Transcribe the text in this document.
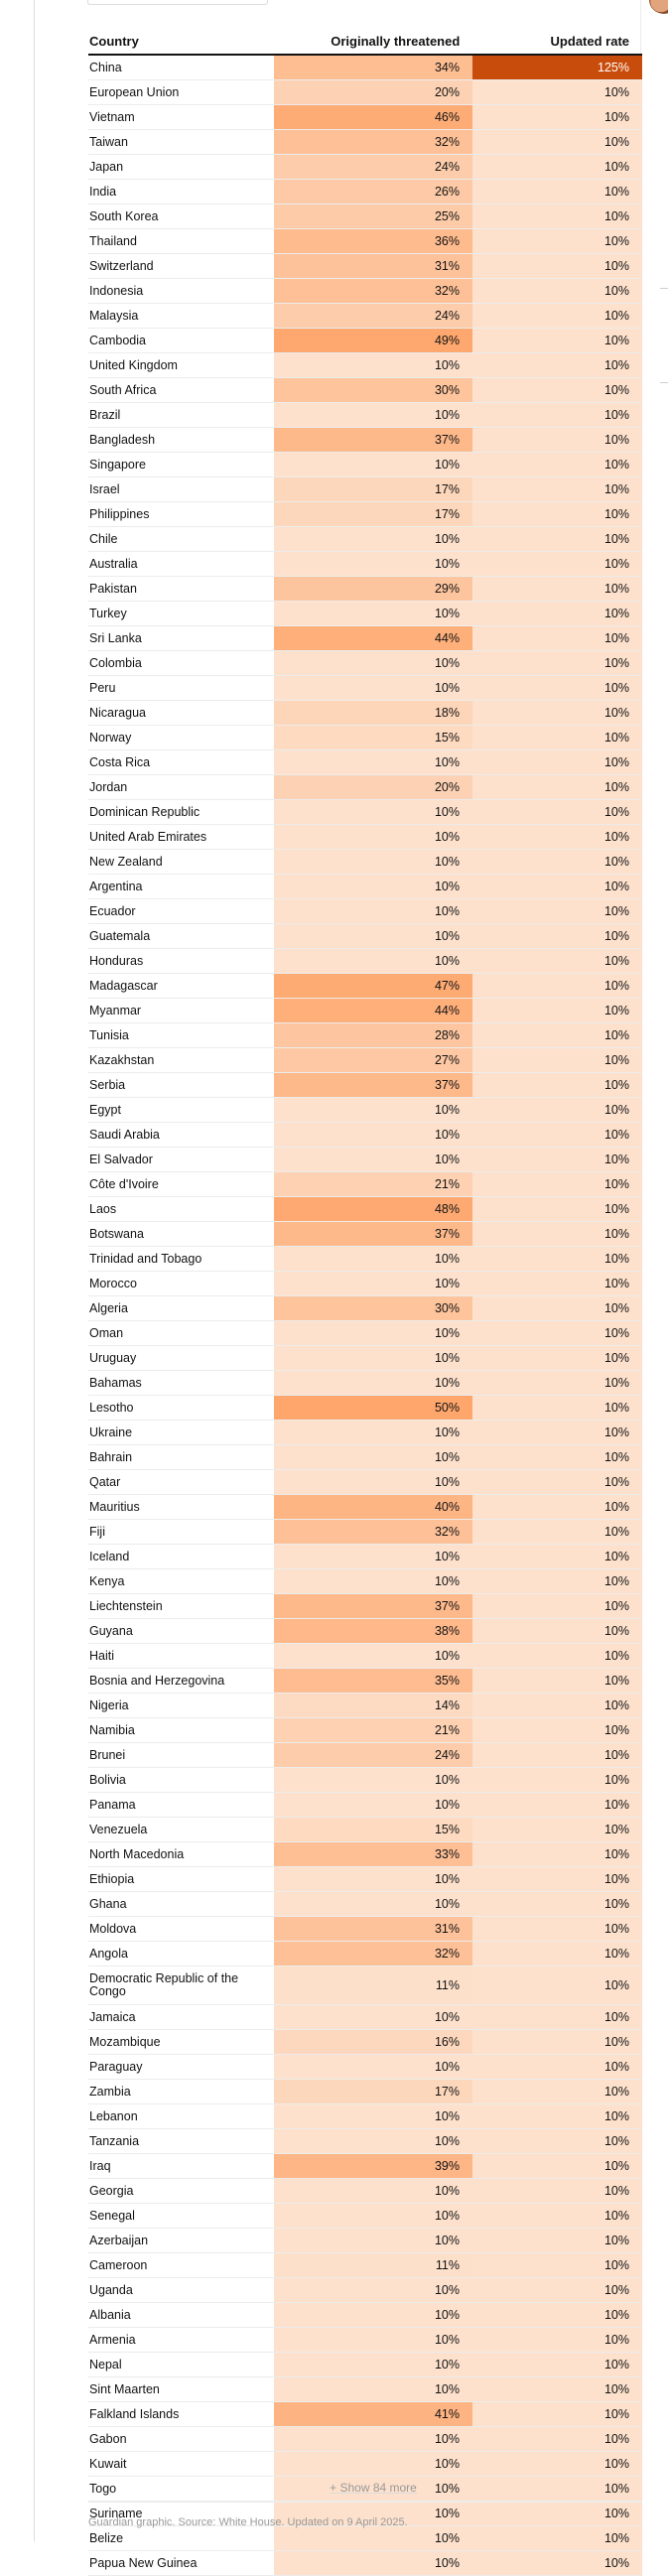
Country	Originally threatened	Updated rate
China	34%	125%
European Union	20%	10%
Vietnam	46%	10%
Taiwan	32%	10%
Japan	24%	10%
India	26%	10%
South Korea	25%	10%
Thailand	36%	10%
Switzerland	31%	10%
Indonesia	32%	10%
Malaysia	24%	10%
Cambodia	49%	10%
United Kingdom	10%	10%
South Africa	30%	10%
Brazil	10%	10%
Bangladesh	37%	10%
Singapore	10%	10%
Israel	17%	10%
Philippines	17%	10%
Chile	10%	10%
Australia	10%	10%
Pakistan	29%	10%
Turkey	10%	10%
Sri Lanka	44%	10%
Colombia	10%	10%
Peru	10%	10%
Nicaragua	18%	10%
Norway	15%	10%
Costa Rica	10%	10%
Jordan	20%	10%
Dominican Republic	10%	10%
United Arab Emirates	10%	10%
New Zealand	10%	10%
Argentina	10%	10%
Ecuador	10%	10%
Guatemala	10%	10%
Honduras	10%	10%
Madagascar	47%	10%
Myanmar	44%	10%
Tunisia	28%	10%
Kazakhstan	27%	10%
Serbia	37%	10%
Egypt	10%	10%
Saudi Arabia	10%	10%
El Salvador	10%	10%
Côte d'Ivoire	21%	10%
Laos	48%	10%
Botswana	37%	10%
Trinidad and Tobago	10%	10%
Morocco	10%	10%
Algeria	30%	10%
Oman	10%	10%
Uruguay	10%	10%
Bahamas	10%	10%
Lesotho	50%	10%
Ukraine	10%	10%
Bahrain	10%	10%
Qatar	10%	10%
Mauritius	40%	10%
Fiji	32%	10%
Iceland	10%	10%
Kenya	10%	10%
Liechtenstein	37%	10%
Guyana	38%	10%
Haiti	10%	10%
Bosnia and Herzegovina	35%	10%
Nigeria	14%	10%
Namibia	21%	10%
Brunei	24%	10%
Bolivia	10%	10%
Panama	10%	10%
Venezuela	15%	10%
North Macedonia	33%	10%
Ethiopia	10%	10%
Ghana	10%	10%
Moldova	31%	10%
Angola	32%	10%
Democratic Republic of the Congo	11%	10%
Jamaica	10%	10%
Mozambique	16%	10%
Paraguay	10%	10%
Zambia	17%	10%
Lebanon	10%	10%
Tanzania	10%	10%
Iraq	39%	10%
Georgia	10%	10%
Senegal	10%	10%
Azerbaijan	10%	10%
Cameroon	11%	10%
Uganda	10%	10%
Albania	10%	10%
Armenia	10%	10%
Nepal	10%	10%
Sint Maarten	10%	10%
Falkland Islands	41%	10%
Gabon	10%	10%
Kuwait	10%	10%
Togo	10%	10%
Suriname	10%	10%
Belize	10%	10%
Papua New Guinea	10%	10%
+ Show 84 more
Guardian graphic. Source: White House. Updated on 9 April 2025.
